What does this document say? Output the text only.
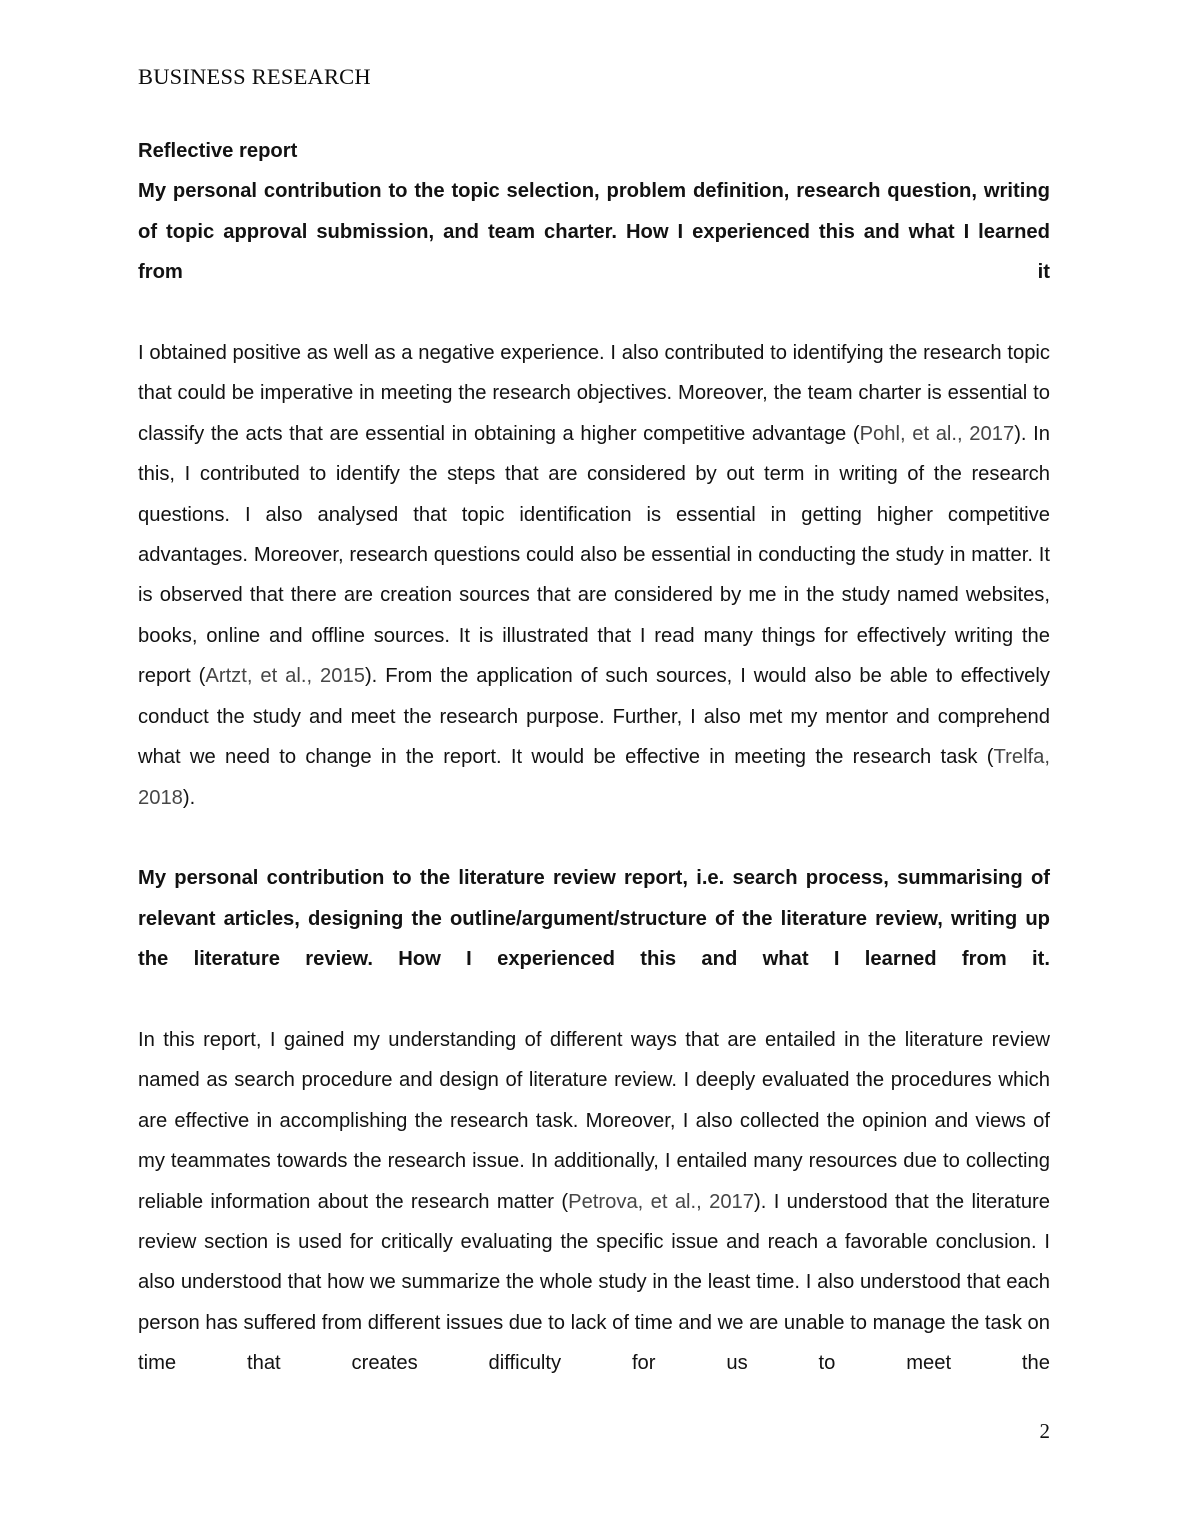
BUSINESS RESEARCH

Reflective report

My personal contribution to the topic selection, problem definition, research question, writing of topic approval submission, and team charter. How I experienced this and what I learned from it

I obtained positive as well as a negative experience. I also contributed to identifying the research topic that could be imperative in meeting the research objectives. Moreover, the team charter is essential to classify the acts that are essential in obtaining a higher competitive advantage (Pohl, et al., 2017). In this, I contributed to identify the steps that are considered by out term in writing of the research questions. I also analysed that topic identification is essential in getting higher competitive advantages. Moreover, research questions could also be essential in conducting the study in matter. It is observed that there are creation sources that are considered by me in the study named websites, books, online and offline sources. It is illustrated that I read many things for effectively writing the report (Artzt, et al., 2015). From the application of such sources, I would also be able to effectively conduct the study and meet the research purpose. Further, I also met my mentor and comprehend what we need to change in the report. It would be effective in meeting the research task (Trelfa, 2018).

My personal contribution to the literature review report, i.e. search process, summarising of relevant articles, designing the outline/argument/structure of the literature review, writing up the literature review. How I experienced this and what I learned from it.

In this report, I gained my understanding of different ways that are entailed in the literature review named as search procedure and design of literature review. I deeply evaluated the procedures which are effective in accomplishing the research task. Moreover, I also collected the opinion and views of my teammates towards the research issue. In additionally, I entailed many resources due to collecting reliable information about the research matter (Petrova, et al., 2017). I understood that the literature review section is used for critically evaluating the specific issue and reach a favorable conclusion. I also understood that how we summarize the whole study in the least time. I also understood that each person has suffered from different issues due to lack of time and we are unable to manage the task on time that creates difficulty for us to meet the

2
